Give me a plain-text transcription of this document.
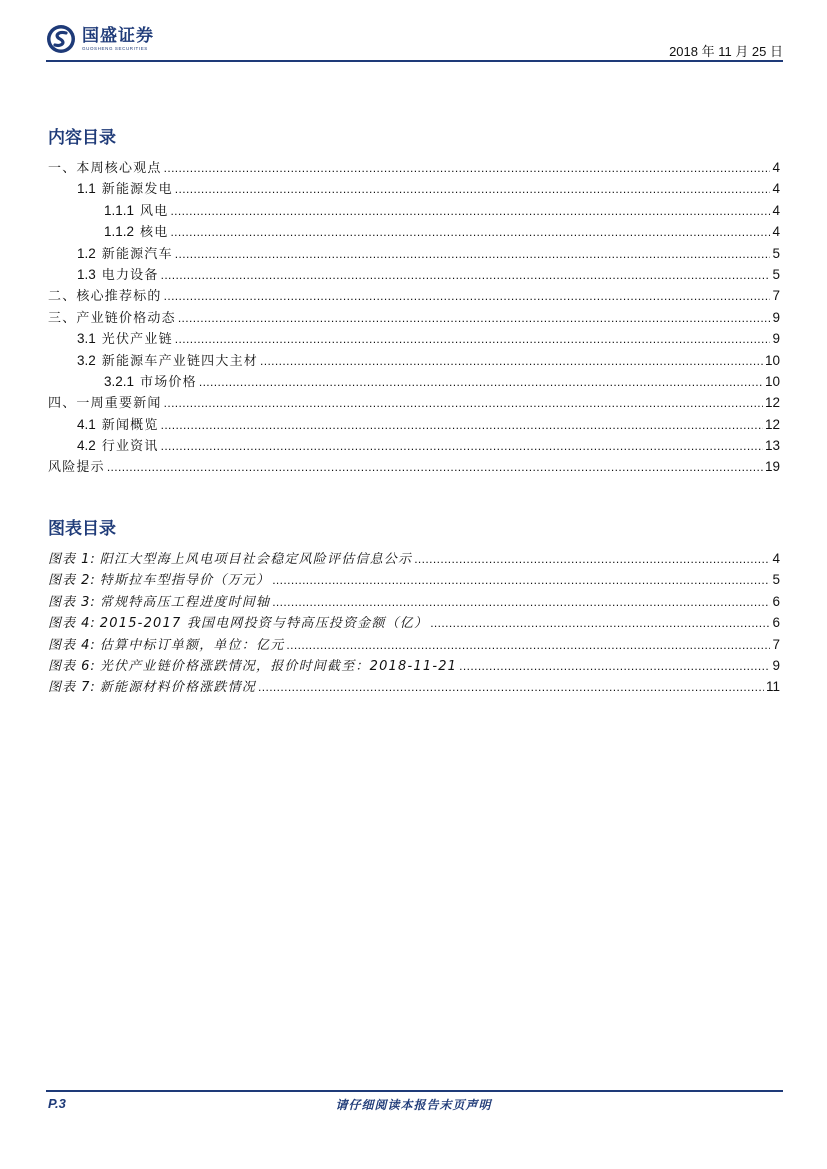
国盛证券
GUOSHENG SECURITIES	2018 年 11 月 25 日
内容目录
一、本周核心观点 .....	4
1.1 新能源发电 .....	4
1.1.1 风电 .....	4
1.1.2 核电 .....	4
1.2 新能源汽车 .....	5
1.3 电力设备 .....	5
二、核心推荐标的 .....	7
三、产业链价格动态 .....	9
3.1 光伏产业链 .....	9
3.2 新能源车产业链四大主材 .....	10
3.2.1 市场价格 .....	10
四、一周重要新闻 .....	12
4.1 新闻概览 .....	12
4.2 行业资讯 .....	13
风险提示 .....	19
图表目录
图表 1: 阳江大型海上风电项目社会稳定风险评估信息公示 .....	4
图表 2: 特斯拉车型指导价（万元） .....	5
图表 3: 常规特高压工程进度时间轴 .....	6
图表 4: 2015-2017 我国电网投资与特高压投资金额（亿） .....	6
图表 4: 估算中标订单额，单位：亿元 .....	7
图表 6: 光伏产业链价格涨跌情况，报价时间截至：2018-11-21 .....	9
图表 7: 新能源材料价格涨跌情况 .....	11
P.3	请仔细阅读本报告末页声明
